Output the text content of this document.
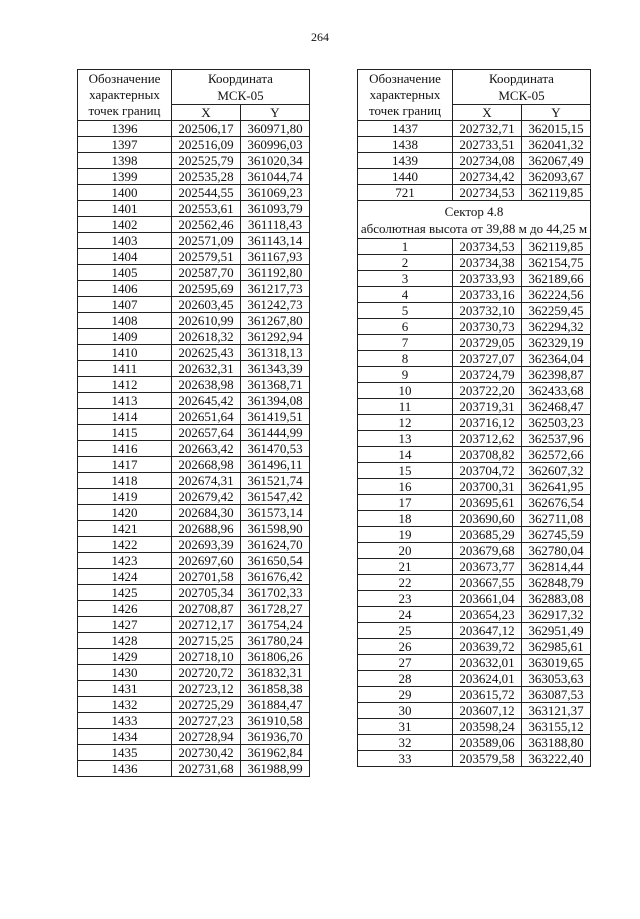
264
Обозначение
характерных
точек границ	Координата
МСК-05	
	X	Y
1396	202506,17	360971,80
1397	202516,09	360996,03
1398	202525,79	361020,34
1399	202535,28	361044,74
1400	202544,55	361069,23
1401	202553,61	361093,79
1402	202562,46	361118,43
1403	202571,09	361143,14
1404	202579,51	361167,93
1405	202587,70	361192,80
1406	202595,69	361217,73
1407	202603,45	361242,73
1408	202610,99	361267,80
1409	202618,32	361292,94
1410	202625,43	361318,13
1411	202632,31	361343,39
1412	202638,98	361368,71
1413	202645,42	361394,08
1414	202651,64	361419,51
1415	202657,64	361444,99
1416	202663,42	361470,53
1417	202668,98	361496,11
1418	202674,31	361521,74
1419	202679,42	361547,42
1420	202684,30	361573,14
1421	202688,96	361598,90
1422	202693,39	361624,70
1423	202697,60	361650,54
1424	202701,58	361676,42
1425	202705,34	361702,33
1426	202708,87	361728,27
1427	202712,17	361754,24
1428	202715,25	361780,24
1429	202718,10	361806,26
1430	202720,72	361832,31
1431	202723,12	361858,38
1432	202725,29	361884,47
1433	202727,23	361910,58
1434	202728,94	361936,70
1435	202730,42	361962,84
1436	202731,68	361988,99
Обозначение
характерных
точек границ	Координата
МСК-05	
	X	Y
1437	202732,71	362015,15
1438	202733,51	362041,32
1439	202734,08	362067,49
1440	202734,42	362093,67
721	202734,53	362119,85
Сектор 4.8
абсолютная высота от 39,88 м до 44,25 м		
1	203734,53	362119,85
2	203734,38	362154,75
3	203733,93	362189,66
4	203733,16	362224,56
5	203732,10	362259,45
6	203730,73	362294,32
7	203729,05	362329,19
8	203727,07	362364,04
9	203724,79	362398,87
10	203722,20	362433,68
11	203719,31	362468,47
12	203716,12	362503,23
13	203712,62	362537,96
14	203708,82	362572,66
15	203704,72	362607,32
16	203700,31	362641,95
17	203695,61	362676,54
18	203690,60	362711,08
19	203685,29	362745,59
20	203679,68	362780,04
21	203673,77	362814,44
22	203667,55	362848,79
23	203661,04	362883,08
24	203654,23	362917,32
25	203647,12	362951,49
26	203639,72	362985,61
27	203632,01	363019,65
28	203624,01	363053,63
29	203615,72	363087,53
30	203607,12	363121,37
31	203598,24	363155,12
32	203589,06	363188,80
33	203579,58	363222,40
